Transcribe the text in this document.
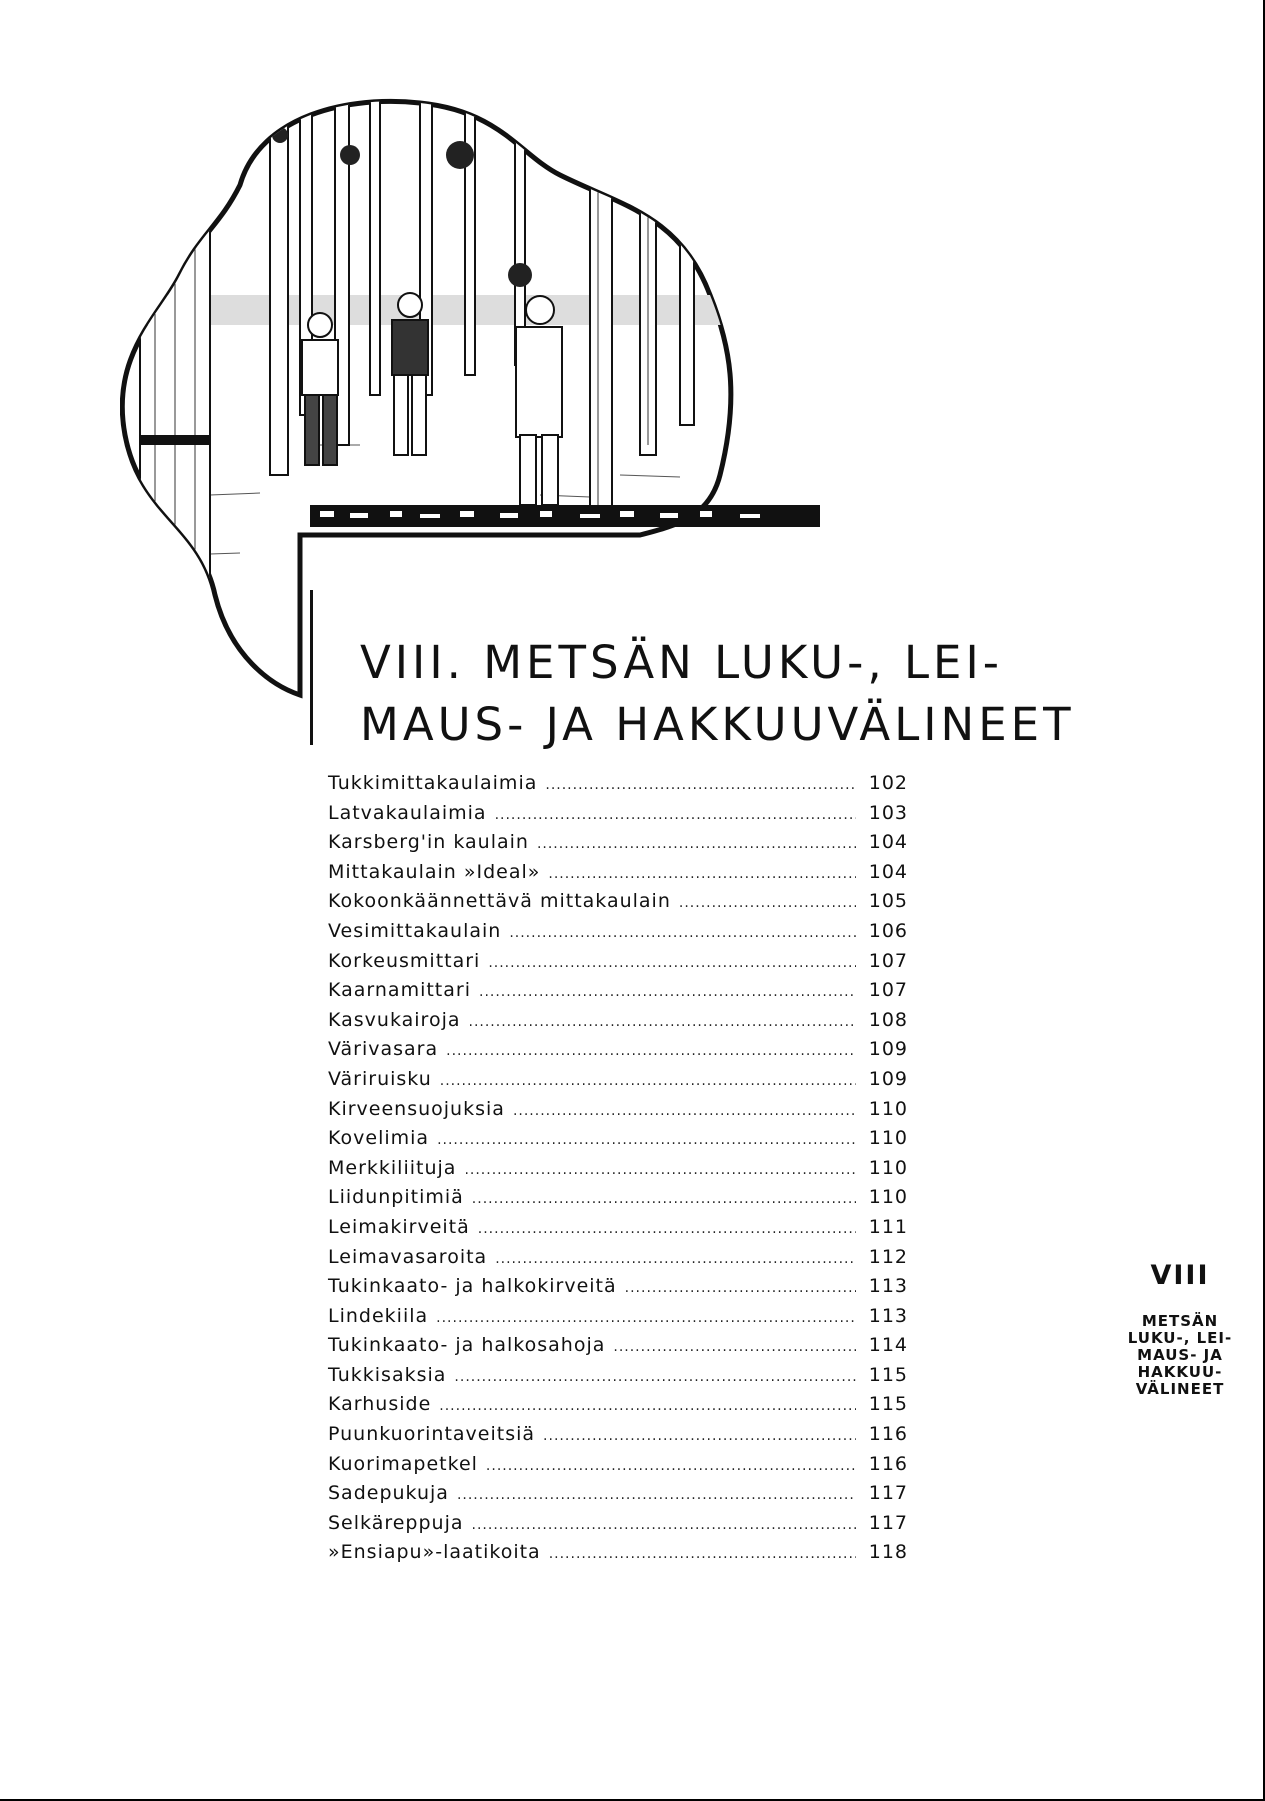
VIII. METSÄN LUKU-, LEI-
MAUS- JA HAKKUUVÄLINEET
Tukkimittakaulaimia .....	102
Latvakaulaimia .....	103
Karsberg'in kaulain .....	104
Mittakaulain »Ideal» .....	104
Kokoonkäännettävä mittakaulain .....	105
Vesimittakaulain .....	106
Korkeusmittari .....	107
Kaarnamittari .....	107
Kasvukairoja .....	108
Värivasara .....	109
Väriruisku .....	109
Kirveensuojuksia .....	110
Kovelimia .....	110
Merkkiliituja .....	110
Liidunpitimiä .....	110
Leimakirveitä .....	111
Leimavasaroita .....	112
Tukinkaato- ja halkokirveitä .....	113
Lindekiila .....	113
Tukinkaato- ja halkosahoja .....	114
Tukkisaksia .....	115
Karhuside .....	115
Puunkuorintaveitsiä .....	116
Kuorimapetkel .....	116
Sadepukuja .....	117
Selkäreppuja .....	117
»Ensiapu»-laatikoita .....	118
VIII
METSÄN
LUKU-, LEI-
MAUS- JA
HAKKUU-
VÄLINEET
